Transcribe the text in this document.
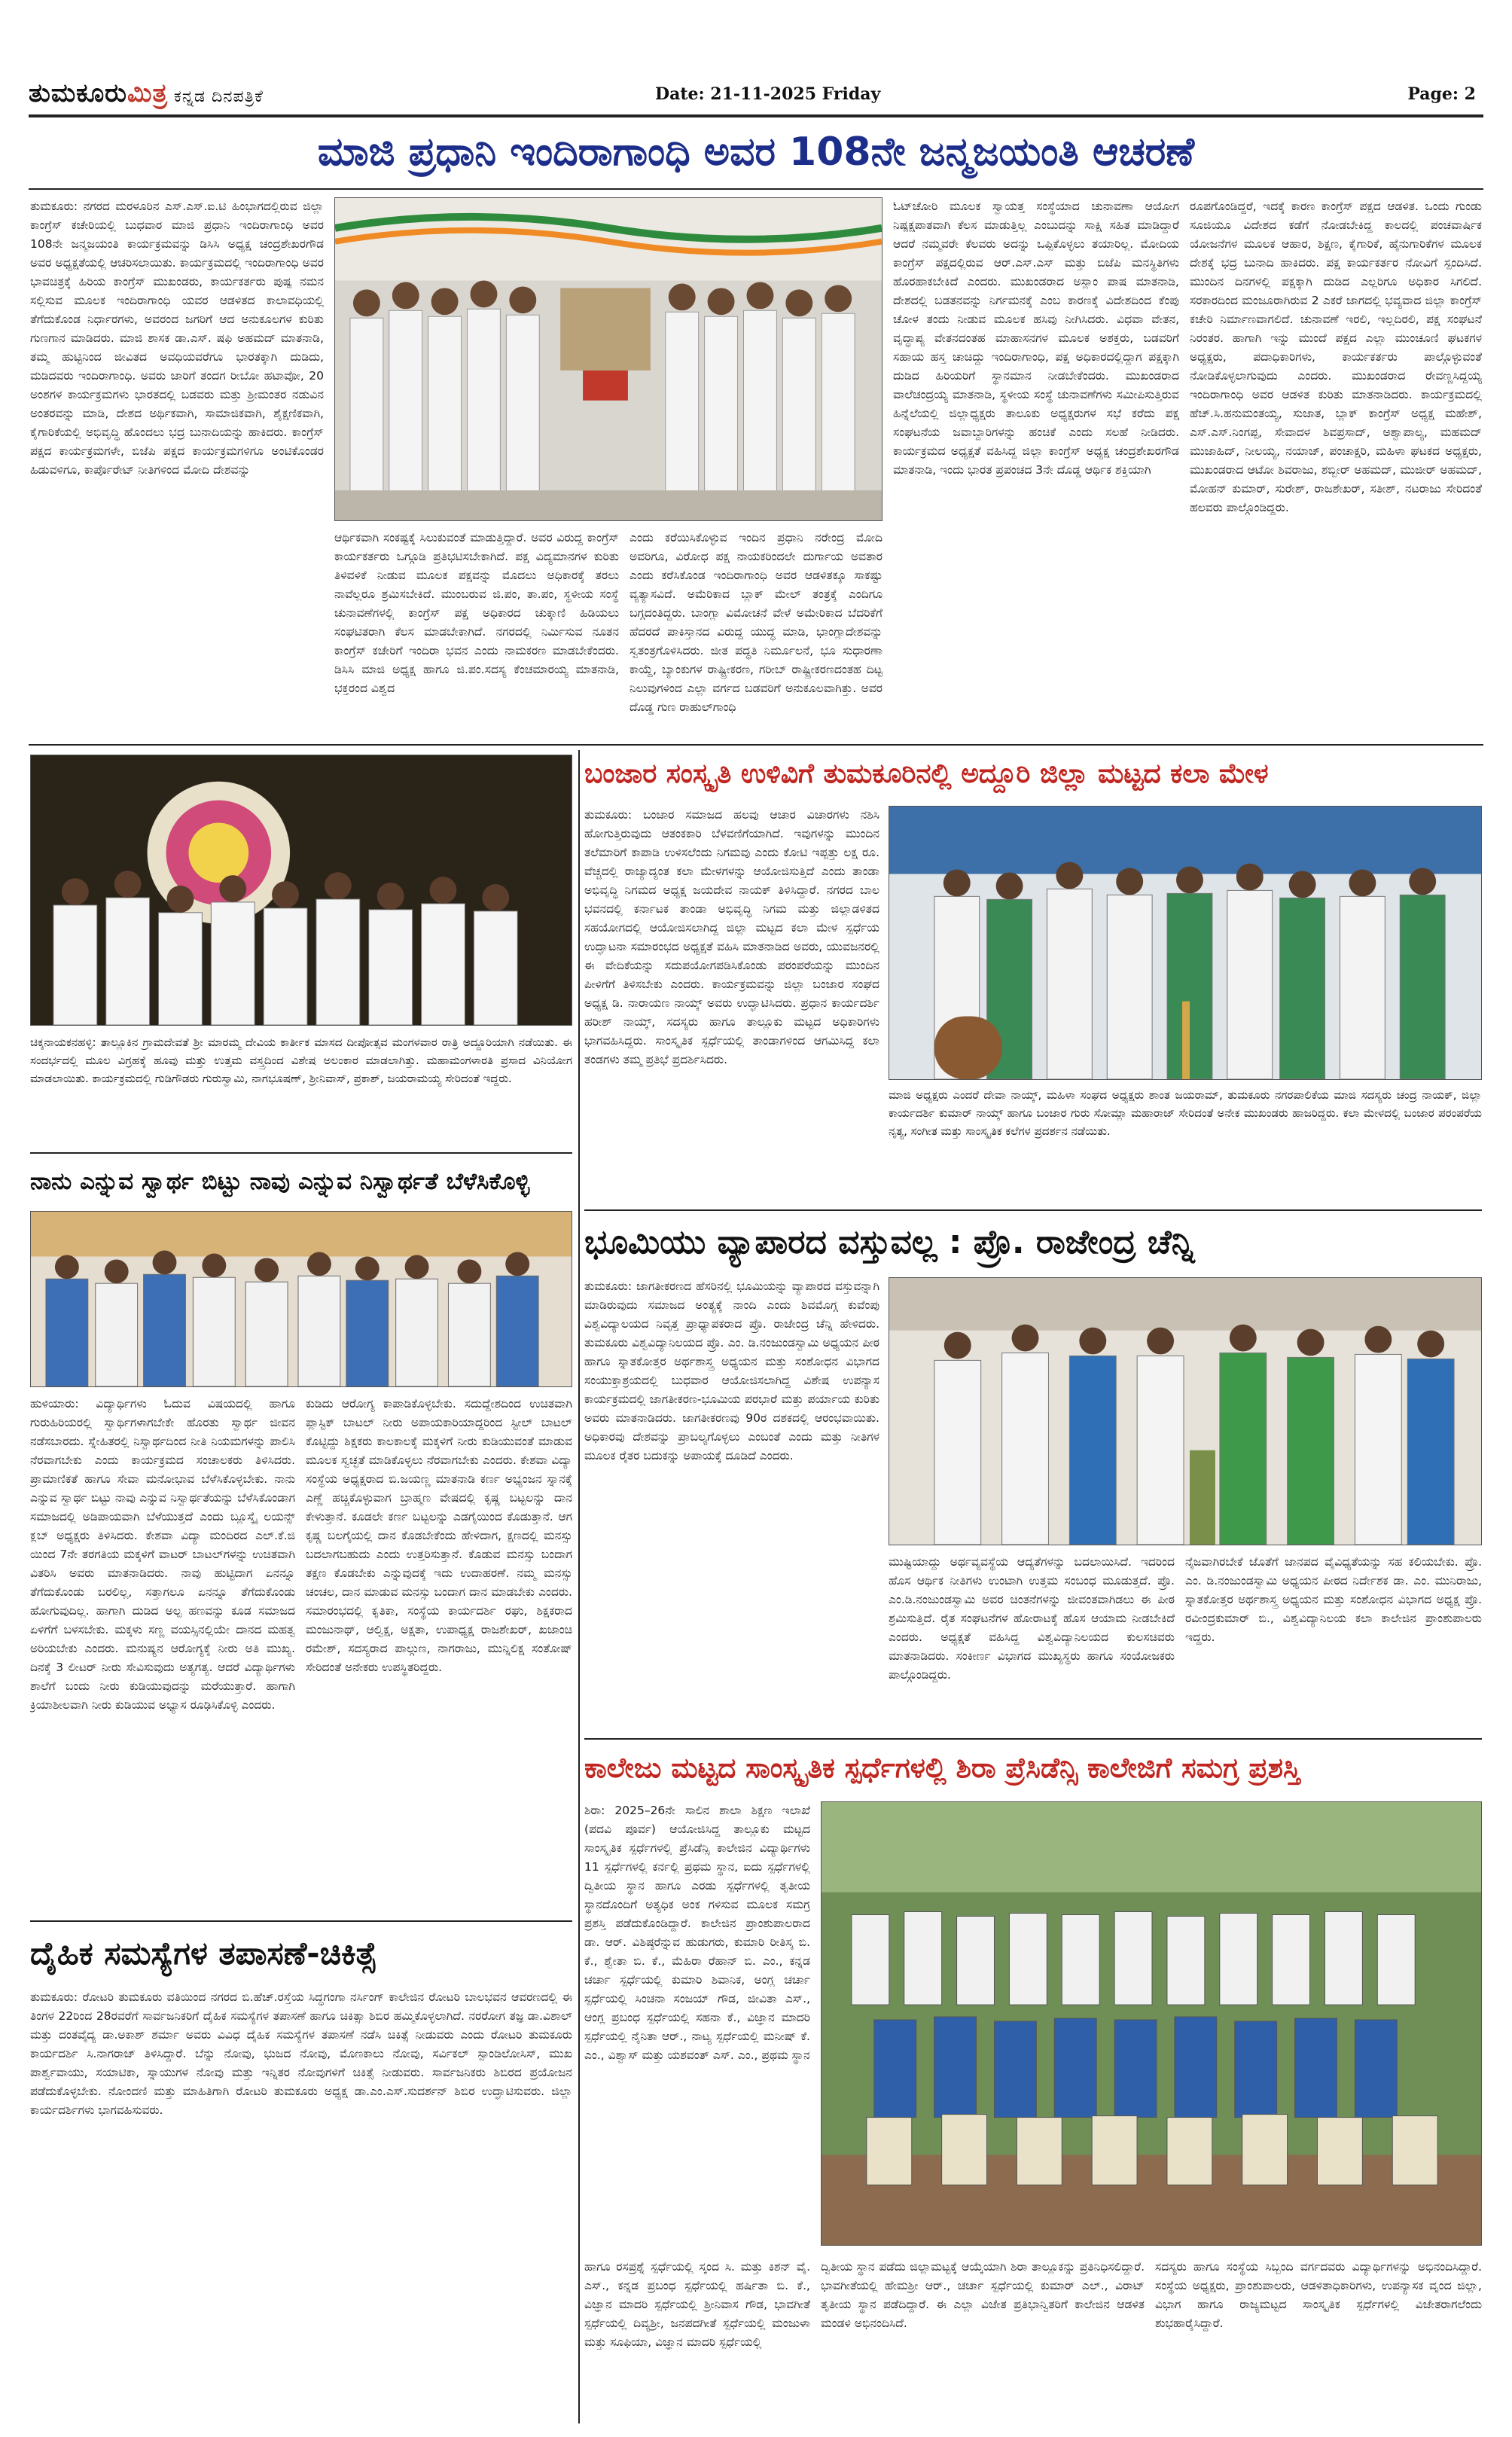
ತುಮಕೂರುಮಿತ್ರ ಕನ್ನಡ ದಿನಪತ್ರಿಕೆ	Date: 21-11-2025 Friday	Page: 2
ಮಾಜಿ ಪ್ರಧಾನಿ ಇಂದಿರಾಗಾಂಧಿ ಅವರ 108ನೇ ಜನ್ಮಜಯಂತಿ ಆಚರಣೆ
ತುಮಕೂರು: ನಗರದ ಮರಳೂರಿನ ಎಸ್.ಎಸ್.ಐ.ಟಿ ಹಿಂಭಾಗದಲ್ಲಿರುವ ಜಿಲ್ಲಾ ಕಾಂಗ್ರೆಸ್ ಕಚೇರಿಯಲ್ಲಿ ಬುಧವಾರ ಮಾಜಿ ಪ್ರಧಾನಿ ಇಂದಿರಾಗಾಂಧಿ ಅವರ 108ನೇ ಜನ್ಮಜಯಂತಿ ಕಾರ್ಯಕ್ರಮವನ್ನು ಡಿಸಿಸಿ ಅಧ್ಯಕ್ಷ ಚಂದ್ರಶೇಖರಗೌಡ ಅವರ ಅಧ್ಯಕ್ಷತೆಯಲ್ಲಿ ಆಚರಿಸಲಾಯಿತು. ಕಾರ್ಯಕ್ರಮದಲ್ಲಿ ಇಂದಿರಾಗಾಂಧಿ ಅವರ ಭಾವಚಿತ್ರಕ್ಕೆ ಹಿರಿಯ ಕಾಂಗ್ರೆಸ್ ಮುಖಂಡರು, ಕಾರ್ಯಕರ್ತರು ಪುಷ್ಪ ನಮನ ಸಲ್ಲಿಸುವ ಮೂಲಕ ಇಂದಿರಾಗಾಂಧಿ ಯವರ ಆಡಳಿತದ ಕಾಲಾವಧಿಯಲ್ಲಿ ತೆಗೆದುಕೊಂಡ ನಿರ್ಧಾರಗಳು, ಅವರಂದ ಜಗರಿಗೆ ಆದ ಅನುಕೂಲಗಳ ಕುರಿತು ಗುಣಗಾನ ಮಾಡಿದರು. ಮಾಜಿ ಶಾಸಕ ಡಾ.ಎಸ್. ಷಫಿ ಅಹಮದ್ ಮಾತನಾಡಿ, ತಮ್ಮ ಹುಟ್ಟಿನಿಂದ ಜೀವಿತದ ಅವಧಿಯವರೆಗೂ ಭಾರತಕ್ಕಾಗಿ ದುಡಿದು, ಮಡಿದವರು ಇಂದಿರಾಗಾಂಧಿ. ಅವರು ಜಾರಿಗೆ ತಂದಗ ರೀಬೋ ಹಟಾವೋ, 20 ಅಂಶಗಳ ಕಾರ್ಯಕ್ರಮಗಳು ಭಾರತದಲ್ಲಿ ಬಡವರು ಮತ್ತು ಶ್ರೀಮಂತರ ನಡುವಿನ ಅಂತರವನ್ನು ಮಾಡಿ, ದೇಶದ ಅರ್ಥಿಕವಾಗಿ, ಸಾಮಾಜಿಕವಾಗಿ, ಶೈಕ್ಷಣಿಕವಾಗಿ, ಕೈಗಾರಿಕೆಯಲ್ಲಿ ಅಭಿವೃದ್ಧಿ ಹೊಂದಲು ಭದ್ರ ಬುನಾದಿಯನ್ನು ಹಾಕಿದರು. ಕಾಂಗ್ರೆಸ್ ಪಕ್ಷದ ಕಾರ್ಯಕ್ರಮಗಳೇ, ಬಿಜೆಪಿ ಪಕ್ಷದ ಕಾರ್ಯಕ್ರಮಗಳಿಗೂ ಅಂಟಿಕೊಂಡರ ಹಿಡುವಳಿಗೂ, ಕಾರ್ಪೊರೇಟ್ ನೀತಿಗಳಿಂದ ಮೋದಿ ದೇಶವನ್ನು
ಆರ್ಥಿಕವಾಗಿ ಸಂಕಷ್ಟಕ್ಕೆ ಸಿಲುಕುವಂತೆ ಮಾಡುತ್ತಿದ್ದಾರೆ. ಅವರ ವಿರುದ್ದ ಕಾಂಗ್ರೆಸ್ ಕಾರ್ಯಕರ್ತರು ಒಗ್ಗೂಡಿ ಪ್ರತಿಭಟಿಸಬೇಕಾಗಿದೆ. ಪಕ್ಷ ವಿದ್ಯಮಾನಗಳ ಕುರಿತು ತಿಳಿವಳಿಕೆ ನೀಡುವ ಮೂಲಕ ಪಕ್ಷವನ್ನು ಮೊದಲು ಅಧಿಕಾರಕ್ಕೆ ತರಲು ನಾವೆಲ್ಲರೂ ಶ್ರಮಿಸಬೇಕಿದೆ. ಮುಂಬರುವ ಜಿ.ಪಂ, ತಾ.ಪಂ, ಸ್ಥಳೀಯ ಸಂಸ್ಥೆ ಚುನಾವಣೆಗಳಲ್ಲಿ ಕಾಂಗ್ರೆಸ್ ಪಕ್ಷ ಅಧಿಕಾರದ ಚುಕ್ಕಾಣಿ ಹಿಡಿಯಲು ಸಂಘಟಿತರಾಗಿ ಕೆಲಸ ಮಾಡಬೇಕಾಗಿದೆ. ನಗರದಲ್ಲಿ ನಿರ್ಮಿಸುವ ನೂತನ ಕಾಂಗ್ರೆಸ್ ಕಚೇರಿಗೆ ಇಂದಿರಾ ಭವನ ಎಂದು ನಾಮಕರಣ ಮಾಡಬೇಕೆಂದರು. ಡಿಸಿಸಿ ಮಾಜಿ ಅಧ್ಯಕ್ಷ ಹಾಗೂ ಜಿ.ಪಂ.ಸದಸ್ಯ ಕೆಂಚಮಾರಯ್ಯ ಮಾತನಾಡಿ, ಭಕ್ತರಂದ ವಿಶ್ವದ
ಎಂದು ಕರೆಯಿಸಿಕೊಳ್ಳುವ ಇಂದಿನ ಪ್ರಧಾನಿ ನರೇಂದ್ರ ಮೋದಿ ಅವರಿಗೂ, ವಿರೋಧ ಪಕ್ಷ ನಾಯಕರಿಂದಲೇ ದುರ್ಗಾಯ ಅವತಾರ ಎಂದು ಕರೆಸಿಕೊಂಡ ಇಂದಿರಾಗಾಂಧಿ ಅವರ ಆಡಳಿತಕ್ಕೂ ಸಾಕಷ್ಟು ವ್ಯತ್ಯಾಸವಿದೆ. ಅಮೆರಿಕಾದ ಬ್ಲಾಕ್ ಮೇಲ್ ತಂತ್ರಕ್ಕೆ ಎಂದಿಗೂ ಬಗ್ಗದಂತಿದ್ದರು. ಬಾಂಗ್ಲಾ ವಿಮೋಚನೆ ವೇಳೆ ಅಮೇರಿಕಾದ ಬೆದರಿಕೆಗೆ ಹೆದರದೆ ಪಾಕಿಸ್ತಾನದ ವಿರುದ್ದ ಯುದ್ಧ ಮಾಡಿ, ಭಾಂಗ್ಲಾದೇಶವನ್ನು ಸ್ವತಂತ್ರಗೊಳಿಸಿದರು. ಜೀತ ಪದ್ಧತಿ ನಿರ್ಮೂಲನೆ, ಭೂ ಸುಧಾರಣಾ ಕಾಯ್ದೆ, ಬ್ಯಾಂಕುಗಳ ರಾಷ್ಟ್ರೀಕರಣ, ಗರೀಬ್ ರಾಷ್ಟ್ರೀಕರಣದಂತಹ ದಿಟ್ಟ ನಿಲುವುಗಳಿಂದ ಎಲ್ಲಾ ವರ್ಗದ ಬಡವರಿಗೆ ಅನುಕೂಲವಾಗಿತ್ತು. ಅವರ ದೊಡ್ಡ ಗುಣ ರಾಹುಲ್‌ಗಾಂಧಿ
ಓಟ್‌ಚೋರಿ ಮೂಲಕ ಸ್ವಾಯತ್ತ ಸಂಸ್ಥೆಯಾದ ಚುನಾವಣಾ ಆಯೋಗ ನಿಷ್ಪಕ್ಷಪಾತವಾಗಿ ಕೆಲಸ ಮಾಡುತ್ತಿಲ್ಲ ಎಂಬುದನ್ನು ಸಾಕ್ಷಿ ಸಹಿತ ಮಾಡಿದ್ದಾರೆ ಆದರೆ ನಮ್ಮವರೇ ಕೆಲವರು ಅದನ್ನು ಒಪ್ಪಿಕೊಳ್ಳಲು ತಯಾರಿಲ್ಲ. ಮೋದಿಯ ಕಾಂಗ್ರೆಸ್ ಪಕ್ಷದಲ್ಲಿರುವ ಆರ್.ಎಸ್.ಎಸ್ ಮತ್ತು ಬಿಜೆಪಿ ಮನಸ್ಥಿತಿಗಳು ಹೊರಹಾಕಬೇಕಿದೆ ಎಂದರು. ಮುಖಂಡರಾದ ಅಸ್ಲಾಂ ಪಾಷ ಮಾತನಾಡಿ, ದೇಶದಲ್ಲಿ ಬಡತನವನ್ನು ನಿರ್ಗಮನಕ್ಕೆ ಎಂಬ ಕಾರಣಕ್ಕೆ ವಿದೇಶದಿಂದ ಕೆಂಪು ಚೋಳ ತಂದು ನೀಡುವ ಮೂಲಕ ಹಸಿವು ನೀಗಿಸಿದರು. ವಿಧವಾ ವೇತನ, ವೃದ್ಧಾಪ್ಯ ವೇತನದಂತಹ ಮಾಹಾಸನಗಳ ಮೂಲಕ ಅಶಕ್ತರು, ಬಡವರಿಗೆ ಸಹಾಯ ಹಸ್ತ ಚಾಚಿದ್ದು ಇಂದಿರಾಗಾಂಧಿ, ಪಕ್ಷ ಅಧಿಕಾರದಲ್ಲಿದ್ದಾಗ ಪಕ್ಷಕ್ಕಾಗಿ ದುಡಿದ ಹಿರಿಯರಿಗೆ ಸ್ಥಾನಮಾನ ನೀಡಬೇಕೆಂದರು. ಮುಖಂಡರಾದ ವಾಲೆಚಂದ್ರಯ್ಯ ಮಾತನಾಡಿ, ಸ್ಥಳೀಯ ಸಂಸ್ಥೆ ಚುನಾವಣೆಗಳು ಸಮೀಪಿಸುತ್ತಿರುವ ಹಿನ್ನೆಲೆಯಲ್ಲಿ ಜಿಲ್ಲಾಧ್ಯಕ್ಷರು ತಾಲೂಕು ಅಧ್ಯಕ್ಷರುಗಳ ಸಭೆ ಕರೆದು ಪಕ್ಷ ಸಂಘಟನೆಯ ಜವಾಬ್ದಾರಿಗಳನ್ನು ಹಂಚಿಕೆ ಎಂದು ಸಲಹೆ ನೀಡಿದರು. ಕಾರ್ಯಕ್ರಮದ ಅಧ್ಯಕ್ಷತೆ ವಹಿಸಿದ್ದ ಜಿಲ್ಲಾ ಕಾಂಗ್ರೆಸ್ ಅಧ್ಯಕ್ಷ ಚಂದ್ರಶೇಖರಗೌಡ ಮಾತನಾಡಿ, ಇಂದು ಭಾರತ ಪ್ರಪಂಚದ 3ನೇ ದೊಡ್ಡ ಆರ್ಥಿಕ ಶಕ್ತಿಯಾಗಿ
ರೂಪಗೊಂಡಿದ್ದರೆ, ಇದಕ್ಕೆ ಕಾರಣ ಕಾಂಗ್ರೆಸ್ ಪಕ್ಷದ ಆಡಳಿತ. ಒಂದು ಗುಂಡು ಸೂಜಿಯೂ ವಿದೇಶದ ಕಡೆಗೆ ನೋಡಬೇಕಿದ್ದ ಕಾಲದಲ್ಲಿ ಪಂಚವಾರ್ಷಿಕ ಯೋಜನೆಗಳ ಮೂಲಕ ಆಹಾರ, ಶಿಕ್ಷಣ, ಕೈಗಾರಿಕೆ, ಹೈನುಗಾರಿಕೆಗಳ ಮೂಲಕ ದೇಶಕ್ಕೆ ಭದ್ರ ಬುನಾದಿ ಹಾಕಿದರು. ಪಕ್ಷ ಕಾರ್ಯಕರ್ತರ ನೋವಿಗೆ ಸ್ಪಂದಿಸಿದೆ. ಮುಂದಿನ ದಿನಗಳಲ್ಲಿ ಪಕ್ಷಕ್ಕಾಗಿ ದುಡಿದ ಎಲ್ಲರಿಗೂ ಅಧಿಕಾರ ಸಿಗಲಿದೆ. ಸರಕಾರದಿಂದ ಮಂಜೂರಾಗಿರುವ 2 ಎಕರೆ ಜಾಗದಲ್ಲಿ ಭವ್ಯವಾದ ಜಿಲ್ಲಾ ಕಾಂಗ್ರೆಸ್ ಕಚೇರಿ ನಿರ್ಮಾಣವಾಗಲಿದೆ. ಚುನಾವಣೆ ಇರಲಿ, ಇಲ್ಲದಿರಲಿ, ಪಕ್ಷ ಸಂಘಟನೆ ನಿರಂತರ. ಹಾಗಾಗಿ ಇನ್ನು ಮುಂದೆ ಪಕ್ಷದ ಎಲ್ಲಾ ಮುಂಚೂಣಿ ಘಟಕಗಳ ಅಧ್ಯಕ್ಷರು, ಪದಾಧಿಕಾರಿಗಳು, ಕಾರ್ಯಕರ್ತರು ಪಾಲ್ಗೊಳ್ಳುವಂತೆ ನೋಡಿಕೊಳ್ಳಲಾಗುವುದು ಎಂದರು. ಮುಖಂಡರಾದ ರೇವಣ್ಣಸಿದ್ದಯ್ಯ ಇಂದಿರಾಗಾಂಧಿ ಅವರ ಆಡಳಿತ ಕುರಿತು ಮಾತನಾಡಿದರು. ಕಾರ್ಯಕ್ರಮದಲ್ಲಿ ಹೆಚ್.ಸಿ.ಹನುಮಂತಯ್ಯ, ಸುಜಾತ, ಬ್ಲಾಕ್ ಕಾಂಗ್ರೆಸ್ ಅಧ್ಯಕ್ಷ ಮಹೇಶ್, ಎಸ್.ಎಸ್.ನಿಂಗಪ್ಪ, ಸೇವಾದಳ ಶಿವಪ್ರಸಾದ್, ಅಶ್ವಾಪಾಲ್ಯ, ಮಹಮದ್ ಮುಜಾಹಿದ್, ನೀಲಯ್ಯ, ನಯಾಜ್, ಪಂಚಾಕ್ಷರಿ, ಮಹಿಳಾ ಘಟಕದ ಅಧ್ಯಕ್ಷರು, ಮುಖಂಡರಾದ ಆಟೋ ಶಿವರಾಜು, ಶಬ್ಬೀರ್ ಅಹಮದ್, ಮುಜೀರ್ ಅಹಮದ್, ಮೋಹನ್ ಕುಮಾರ್, ಸುರೇಶ್, ರಾಜಶೇಖರ್, ಸತೀಶ್, ನಟರಾಜು ಸೇರಿದಂತೆ ಹಲವರು ಪಾಲ್ಗೊಂಡಿದ್ದರು.
ಚಿಕ್ಕನಾಯಕನಹಳ್ಳಿ: ತಾಲ್ಲೂಕಿನ ಗ್ರಾಮದೇವತೆ ಶ್ರೀ ಮಾರಮ್ಮ ದೇವಿಯ ಕಾರ್ತೀಕ ಮಾಸದ ದೀಪೋತ್ಸವ ಮಂಗಳವಾರ ರಾತ್ರಿ ಅದ್ದೂರಿಯಾಗಿ ನಡೆಯಿತು. ಈ ಸಂದರ್ಭದಲ್ಲಿ ಮೂಲ ವಿಗ್ರಹಕ್ಕೆ ಹೂವು ಮತ್ತು ಉತ್ತಮ ವಸ್ತ್ರದಿಂದ ವಿಶೇಷ ಅಲಂಕಾರ ಮಾಡಲಾಗಿತ್ತು. ಮಹಾಮಂಗಳಾರತಿ ಪ್ರಸಾದ ವಿನಿಯೋಗ ಮಾಡಲಾಯಿತು. ಕಾರ್ಯಕ್ರಮದಲ್ಲಿ ಗುಡಿಗೌಡರು ಗುರುಸ್ವಾಮಿ, ನಾಗಭೂಷಣ್, ಶ್ರೀನಿವಾಸ್, ಪ್ರಕಾಶ್, ಜಯರಾಮಯ್ಯ ಸೇರಿದಂತೆ ಇದ್ದರು.
ನಾನು ಎನ್ನುವ ಸ್ವಾರ್ಥ ಬಿಟ್ಟು ನಾವು ಎನ್ನುವ ನಿಸ್ವಾರ್ಥತೆ ಬೆಳೆಸಿಕೊಳ್ಳಿ
ಹುಳಿಯಾರು: ವಿದ್ಯಾರ್ಥಿಗಳು ಓದುವ ವಿಷಯದಲ್ಲಿ ಹಾಗೂ ಗುರುಹಿರಿಯರಲ್ಲಿ ಸ್ವಾರ್ಥಿಗಳಾಗಬೇಕೇ ಹೊರತು ಸ್ವಾರ್ಥ ಜೀವನ ನಡೆಸಬಾರದು. ಸ್ನೇಹಿತರಲ್ಲಿ ನಿಸ್ವಾರ್ಥದಿಂದ ನೀತಿ ನಿಯಮಗಳನ್ನು ಪಾಲಿಸಿ ನೆರವಾಗಬೇಕು ಎಂದು ಕಾರ್ಯಕ್ರಮದ ಸಂಚಾಲಕರು ತಿಳಿಸಿದರು. ಪ್ರಾಮಾಣಿಕತೆ ಹಾಗೂ ಸೇವಾ ಮನೋಭಾವ ಬೆಳೆಸಿಕೊಳ್ಳಬೇಕು. ನಾನು ಎನ್ನುವ ಸ್ವಾರ್ಥ ಬಿಟ್ಟು ನಾವು ಎನ್ನುವ ನಿಸ್ವಾರ್ಥತೆಯನ್ನು ಬೆಳೆಸಿಕೊಂಡಾಗ ಸಮಾಜದಲ್ಲಿ ಅಡಿಪಾಯವಾಗಿ ಬೆಳೆಯುತ್ತದೆ ಎಂದು ಬ್ಲೂಸ್ಕೈ ಲಯನ್ಸ್ ಕ್ಲಬ್ ಅಧ್ಯಕ್ಷರು ತಿಳಿಸಿದರು. ಕೇಶವಾ ವಿದ್ಯಾ ಮಂದಿರದ ಎಲ್.ಕೆ.ಜಿ ಯಿಂದ 7ನೇ ತರಗತಿಯ ಮಕ್ಕಳಿಗೆ ವಾಟರ್ ಬಾಟಲ್‌ಗಳನ್ನು ಉಚಿತವಾಗಿ ವಿತರಿಸಿ ಅವರು ಮಾತನಾಡಿದರು. ನಾವು ಹುಟ್ಟಿದಾಗ ಏನನ್ನೂ ತೆಗೆದುಕೊಂಡು ಬರಲಿಲ್ಲ, ಸತ್ತಾಗಲೂ ಏನನ್ನೂ ತೆಗೆದುಕೊಂಡು ಹೋಗುವುದಿಲ್ಲ. ಹಾಗಾಗಿ ದುಡಿದ ಅಲ್ಪ ಹಣವನ್ನು ಕೂಡ ಸಮಾಜದ ಏಳಿಗೆಗೆ ಬಳಸಬೇಕು. ಮಕ್ಕಳು ಸಣ್ಣ ವಯಸ್ಸಿನಲ್ಲಿಯೇ ದಾನದ ಮಹತ್ವ ಅರಿಯಬೇಕು ಎಂದರು. ಮನುಷ್ಯನ ಆರೋಗ್ಯಕ್ಕೆ ನೀರು ಅತಿ ಮುಖ್ಯ. ದಿನಕ್ಕೆ 3 ಲೀಟರ್ ನೀರು ಸೇವಿಸುವುದು ಅತ್ಯಗತ್ಯ. ಆದರೆ ವಿದ್ಯಾರ್ಥಿಗಳು ಶಾಲೆಗೆ ಬಂದು ನೀರು ಕುಡಿಯುವುದನ್ನು ಮರೆಯುತ್ತಾರೆ. ಹಾಗಾಗಿ ಕ್ರಿಯಾಶೀಲವಾಗಿ ನೀರು ಕುಡಿಯುವ ಅಭ್ಯಾಸ ರೂಢಿಸಿಕೊಳ್ಳಿ ಎಂದರು.
ಕುಡಿದು ಆರೋಗ್ಯ ಕಾಪಾಡಿಕೊಳ್ಳಬೇಕು. ಸದುದ್ದೇಶದಿಂದ ಉಚಿತವಾಗಿ ಪ್ಲಾಸ್ಟಿಕ್ ಬಾಟಲ್ ನೀರು ಅಪಾಯಕಾರಿಯಾದ್ದರಿಂದ ಸ್ಟೀಲ್ ಬಾಟಲ್ ಕೊಟ್ಟಿದ್ದು ಶಿಕ್ಷಕರು ಕಾಲಕಾಲಕ್ಕೆ ಮಕ್ಕಳಿಗೆ ನೀರು ಕುಡಿಯುವಂತೆ ಮಾಡುವ ಮೂಲಕ ಸ್ವಚ್ಛತೆ ಮಾಡಿಕೊಳ್ಳಲು ನೆರವಾಗಬೇಕು ಎಂದರು. ಕೇಶವಾ ವಿದ್ಯಾ ಸಂಸ್ಥೆಯ ಅಧ್ಯಕ್ಷರಾದ ಬಿ.ಜಯಣ್ಣ ಮಾತನಾಡಿ ಕರ್ಣ ಅಭ್ಯಂಜನ ಸ್ನಾನಕ್ಕೆ ಎಣ್ಣೆ ಹಚ್ಚಿಕೊಳ್ಳುವಾಗ ಬ್ರಾಹ್ಮಣ ವೇಷದಲ್ಲಿ ಕೃಷ್ಣ ಬಟ್ಟಲನ್ನು ದಾನ ಕೇಳುತ್ತಾನೆ. ಕೂಡಲೇ ಕರ್ಣ ಬಟ್ಟಲನ್ನು ಎಡಗೈಯಿಂದ ಕೊಡುತ್ತಾನೆ. ಆಗ ಕೃಷ್ಣ ಬಲಗೈಯಲ್ಲಿ ದಾನ ಕೊಡಬೇಕೆಂದು ಹೇಳಿದಾಗ, ಕ್ಷಣದಲ್ಲಿ ಮನಸ್ಸು ಬದಲಾಗಬಹುದು ಎಂದು ಉತ್ತರಿಸುತ್ತಾನೆ. ಕೊಡುವ ಮನಸ್ಸು ಬಂದಾಗ ತಕ್ಷಣ ಕೊಡಬೇಕು ಎನ್ನುವುದಕ್ಕೆ ಇದು ಉದಾಹರಣೆ. ನಮ್ಮ ಮನಸ್ಸು ಚಂಚಲ, ದಾನ ಮಾಡುವ ಮನಸ್ಸು ಬಂದಾಗ ದಾನ ಮಾಡಬೇಕು ಎಂದರು. ಸಮಾರಂಭದಲ್ಲಿ ಕೃತಿಕಾ, ಸಂಸ್ಥೆಯ ಕಾರ್ಯದರ್ಶಿ ರಘು, ಶಿಕ್ಷಕರಾದ ಮಂಜುನಾಥ್, ಆಲ್ವಿಕ್ಷ, ಅಕ್ಷತಾ, ಉಪಾಧ್ಯಕ್ಷ ರಾಜಶೇಖರ್, ಖಜಾಂಚಿ ರಮೇಶ್, ಸದಸ್ಯರಾದ ಪಾಲ್ಗುಣ, ನಾಗರಾಜು, ಮುನ್ನಿಲಿಕ್ಷ ಸಂತೋಷ್ ಸೇರಿದಂತೆ ಅನೇಕರು ಉಪಸ್ಥಿತರಿದ್ದರು.
ದೈಹಿಕ ಸಮಸ್ಯೆಗಳ ತಪಾಸಣೆ-ಚಿಕಿತ್ಸೆ
ತುಮಕೂರು: ರೋಟರಿ ತುಮಕೂರು ವತಿಯಿಂದ ನಗರದ ಬಿ.ಹೆಚ್.ರಸ್ತೆಯ ಸಿದ್ಧಗಂಗಾ ನರ್ಸಿಂಗ್ ಕಾಲೇಜಿನ ರೋಟರಿ ಬಾಲಭವನ ಆವರಣದಲ್ಲಿ ಈ ತಿಂಗಳ 22ರಿಂದ 28ರವರೆಗೆ ಸಾರ್ವಜನಿಕರಿಗೆ ದೈಹಿಕ ಸಮಸ್ಯೆಗಳ ತಪಾಸಣೆ ಹಾಗೂ ಚಿಕಿತ್ಸಾ ಶಿಬಿರ ಹಮ್ಮಿಕೊಳ್ಳಲಾಗಿದೆ. ನರರೋಗ ತಜ್ಞ ಡಾ.ವಿಶಾಲ್ ಮತ್ತು ದಂತವೈದ್ಯ ಡಾ.ಅಕಾಶ್ ಶರ್ಮಾ ಅವರು ವಿವಿಧ ದೈಹಿಕ ಸಮಸ್ಯೆಗಳ ತಪಾಸಣೆ ನಡೆಸಿ ಚಿಕಿತ್ಸೆ ನೀಡುವರು ಎಂದು ರೋಟರಿ ತುಮಕೂರು ಕಾರ್ಯದರ್ಶಿ ಸಿ.ನಾಗರಾಜ್ ತಿಳಿಸಿದ್ದಾರೆ. ಬೆನ್ನು ನೋವು, ಭುಜದ ನೋವು, ಮೊಣಕಾಲು ನೋವು, ಸರ್ವಿಕಲ್ ಸ್ಪಾಂಡಿಲೋಸಿಸ್, ಮುಖ ಪಾರ್ಶ್ವವಾಯು, ಸಯಾಟಿಕಾ, ಸ್ನಾಯುಗಳ ನೋವು ಮತ್ತು ಇನ್ನಿತರ ನೋವುಗಳಿಗೆ ಚಿಕಿತ್ಸೆ ನೀಡುವರು. ಸಾರ್ವಜನಿಕರು ಶಿಬಿರದ ಪ್ರಯೋಜನ ಪಡೆದುಕೊಳ್ಳಬೇಕು. ನೋಂದಣಿ ಮತ್ತು ಮಾಹಿತಿಗಾಗಿ ರೋಟರಿ ತುಮಕೂರು ಅಧ್ಯಕ್ಷ ಡಾ.ಎಂ.ಎಸ್.ಸುದರ್ಶನ್ ಶಿಬಿರ ಉದ್ಘಾಟಿಸುವರು. ಜಿಲ್ಲಾ ಕಾರ್ಯದರ್ಶಿಗಳು ಭಾಗವಹಿಸುವರು.
ಬಂಜಾರ ಸಂಸ್ಕೃತಿ ಉಳಿವಿಗೆ ತುಮಕೂರಿನಲ್ಲಿ ಅದ್ದೂರಿ ಜಿಲ್ಲಾ ಮಟ್ಟದ ಕಲಾ ಮೇಳ
ತುಮಕೂರು: ಬಂಜಾರ ಸಮಾಜದ ಹಲವು ಆಚಾರ ವಿಚಾರಗಳು ನಶಿಸಿ ಹೋಗುತ್ತಿರುವುದು ಆತಂಕಕಾರಿ ಬೆಳವಣಿಗೆಯಾಗಿದೆ. ಇವುಗಳನ್ನು ಮುಂದಿನ ತಲೆಮಾರಿಗೆ ಕಾಪಾಡಿ ಉಳಿಸಲೆಂದು ನಿಗಮವು ಎಂದು ಕೋಟಿ ಇಪ್ಪತ್ತು ಲಕ್ಷ ರೂ. ವೆಚ್ಚದಲ್ಲಿ ರಾಜ್ಯಾದ್ಯಂತ ಕಲಾ ಮೇಳಗಳನ್ನು ಆಯೋಜಿಸುತ್ತಿದೆ ಎಂದು ತಾಂಡಾ ಅಭಿವೃದ್ಧಿ ನಿಗಮದ ಅಧ್ಯಕ್ಷ ಜಯದೇವ ನಾಯಕ್ ತಿಳಿಸಿದ್ದಾರೆ. ನಗರದ ಬಾಲ ಭವನದಲ್ಲಿ ಕರ್ನಾಟಕ ತಾಂಡಾ ಅಭಿವೃದ್ಧಿ ನಿಗಮ ಮತ್ತು ಜಿಲ್ಲಾಡಳಿತದ ಸಹಯೋಗದಲ್ಲಿ ಆಯೋಜಿಸಲಾಗಿದ್ದ ಜಿಲ್ಲಾ ಮಟ್ಟದ ಕಲಾ ಮೇಳ ಸ್ಪರ್ಧೆಯ ಉದ್ಘಾಟನಾ ಸಮಾರಂಭದ ಅಧ್ಯಕ್ಷತೆ ವಹಿಸಿ ಮಾತನಾಡಿದ ಅವರು, ಯುವಜನರಲ್ಲಿ ಈ ವೇದಿಕೆಯನ್ನು ಸದುಪಯೋಗಪಡಿಸಿಕೊಂಡು ಪರಂಪರೆಯನ್ನು ಮುಂದಿನ ಪೀಳಿಗೆಗೆ ತಿಳಿಸಬೇಕು ಎಂದರು. ಕಾರ್ಯಕ್ರಮವನ್ನು ಜಿಲ್ಲಾ ಬಂಜಾರ ಸಂಘದ ಅಧ್ಯಕ್ಷ ಡಿ. ನಾರಾಯಣ ನಾಯ್ಕ್ ಅವರು ಉದ್ಘಾಟಿಸಿದರು. ಪ್ರಧಾನ ಕಾರ್ಯದರ್ಶಿ ಹರೀಶ್ ನಾಯ್ಕ್, ಸದಸ್ಯರು ಹಾಗೂ ತಾಲ್ಲೂಕು ಮಟ್ಟದ ಅಧಿಕಾರಿಗಳು ಭಾಗವಹಿಸಿದ್ದರು. ಸಾಂಸ್ಕೃತಿಕ ಸ್ಪರ್ಧೆಯಲ್ಲಿ ತಾಂಡಾಗಳಿಂದ ಆಗಮಿಸಿದ್ದ ಕಲಾ ತಂಡಗಳು ತಮ್ಮ ಪ್ರತಿಭೆ ಪ್ರದರ್ಶಿಸಿದರು.
ಮಾಜಿ ಅಧ್ಯಕ್ಷರು ಎಂದರೆ ದೇವಾ ನಾಯ್ಕ್, ಮಹಿಳಾ ಸಂಘದ ಅಧ್ಯಕ್ಷರು ಶಾಂತ ಜಯರಾಮ್, ತುಮಕೂರು ನಗರಪಾಲಿಕೆಯ ಮಾಜಿ ಸದಸ್ಯರು ಚಂದ್ರ ನಾಯಕ್, ಜಿಲ್ಲಾ ಕಾರ್ಯದರ್ಶಿ ಕುಮಾರ್ ನಾಯ್ಕ್ ಹಾಗೂ ಬಂಜಾರ ಗುರು ಸೋಮ್ಲಾ ಮಹಾರಾಜ್ ಸೇರಿದಂತೆ ಅನೇಕ ಮುಖಂಡರು ಹಾಜರಿದ್ದರು. ಕಲಾ ಮೇಳದಲ್ಲಿ ಬಂಜಾರ ಪರಂಪರೆಯ ನೃತ್ಯ, ಸಂಗೀತ ಮತ್ತು ಸಾಂಸ್ಕೃತಿಕ ಕಲೆಗಳ ಪ್ರದರ್ಶನ ನಡೆಯಿತು.
ಭೂಮಿಯು ವ್ಯಾಪಾರದ ವಸ್ತುವಲ್ಲ : ಪ್ರೊ. ರಾಜೇಂದ್ರ ಚೆನ್ನಿ
ತುಮಕೂರು: ಜಾಗತೀಕರಣದ ಹೆಸರಿನಲ್ಲಿ ಭೂಮಿಯನ್ನು ವ್ಯಾಪಾರದ ವಸ್ತುವನ್ನಾಗಿ ಮಾಡಿರುವುದು ಸಮಾಜದ ಅಂತ್ಯಕ್ಕೆ ನಾಂದಿ ಎಂದು ಶಿವಮೊಗ್ಗ ಕುವೆಂಪು ವಿಶ್ವವಿದ್ಯಾಲಯದ ನಿವೃತ್ತ ಪ್ರಾಧ್ಯಾಪಕರಾದ ಪ್ರೊ. ರಾಜೇಂದ್ರ ಚೆನ್ನಿ ಹೇಳಿದರು. ತುಮಕೂರು ವಿಶ್ವವಿದ್ಯಾನಿಲಯದ ಪ್ರೊ. ಎಂ. ಡಿ.ನಂಜುಂಡಸ್ವಾಮಿ ಅಧ್ಯಯನ ಪೀಠ ಹಾಗೂ ಸ್ನಾತಕೋತ್ತರ ಅರ್ಥಶಾಸ್ತ್ರ ಅಧ್ಯಯನ ಮತ್ತು ಸಂಶೋಧನ ವಿಭಾಗದ ಸಂಯುಕ್ತಾಶ್ರಯದಲ್ಲಿ ಬುಧವಾರ ಆಯೋಜಿಸಲಾಗಿದ್ದ ವಿಶೇಷ ಉಪನ್ಯಾಸ ಕಾರ್ಯಕ್ರಮದಲ್ಲಿ ಜಾಗತೀಕರಣ-ಭೂಮಿಯ ಪರಭಾರೆ ಮತ್ತು ಪರ್ಯಾಯ ಕುರಿತು ಅವರು ಮಾತನಾಡಿದರು. ಜಾಗತೀಕರಣವು 90ರ ದಶಕದಲ್ಲಿ ಆರಂಭವಾಯಿತು. ಅಧಿಕಾರವು ದೇಶವನ್ನು ಪ್ರಾಬಲ್ಯಗೊಳ್ಳಲು ಎಂಬಂತೆ ಎಂದು ಮತ್ತು ನೀತಿಗಳ ಮೂಲಕ ರೈತರ ಬದುಕನ್ನು ಅಪಾಯಕ್ಕೆ ದೂಡಿದೆ ಎಂದರು.
ಮುಷ್ಟಿಯಾದ್ದು ಅರ್ಥವ್ಯವಸ್ಥೆಯ ಆದ್ಯತೆಗಳನ್ನು ಬದಲಾಯಿಸಿದೆ. ಇದರಿಂದ ಹೊಸ ಆರ್ಥಿಕ ನೀತಿಗಳು ಉಂಟಾಗಿ ಉತ್ತಮ ಸಂಬಂಧ ಮೂಡುತ್ತದೆ. ಪ್ರೊ. ಎಂ.ಡಿ.ನಂಜುಂಡಸ್ವಾಮಿ ಅವರ ಚಿಂತನೆಗಳನ್ನು ಜೀವಂತವಾಗಿಡಲು ಈ ಪೀಠ ಶ್ರಮಿಸುತ್ತಿದೆ. ರೈತ ಸಂಘಟನೆಗಳ ಹೋರಾಟಕ್ಕೆ ಹೊಸ ಆಯಾಮ ನೀಡಬೇಕಿದೆ ಎಂದರು. ಅಧ್ಯಕ್ಷತೆ ವಹಿಸಿದ್ದ ವಿಶ್ವವಿದ್ಯಾನಿಲಯದ ಕುಲಸಚಿವರು ಮಾತನಾಡಿದರು. ಸಂಕೀರ್ಣ ವಿಭಾಗದ ಮುಖ್ಯಸ್ಥರು ಹಾಗೂ ಸಂಯೋಜಕರು ಪಾಲ್ಗೊಂಡಿದ್ದರು.
ನೈಜವಾಗಿರಬೇಕೆ ಜೊತೆಗೆ ಜಾನಪದ ವೈವಿಧ್ಯತೆಯನ್ನು ಸಹ ಕಲಿಯಬೇಕು. ಪ್ರೊ. ಎಂ. ಡಿ.ನಂಜುಂಡಸ್ವಾಮಿ ಅಧ್ಯಯನ ಪೀಠದ ನಿರ್ದೇಶಕ ಡಾ. ಎಂ. ಮುನಿರಾಜು, ಸ್ನಾತಕೋತ್ತರ ಅರ್ಥಶಾಸ್ತ್ರ ಅಧ್ಯಯನ ಮತ್ತು ಸಂಶೋಧನ ವಿಭಾಗದ ಅಧ್ಯಕ್ಷ ಪ್ರೊ. ರವೀಂದ್ರಕುಮಾರ್ ಬಿ., ವಿಶ್ವವಿದ್ಯಾನಿಲಯ ಕಲಾ ಕಾಲೇಜಿನ ಪ್ರಾಂಶುಪಾಲರು ಇದ್ದರು.
ಕಾಲೇಜು ಮಟ್ಟದ ಸಾಂಸ್ಕೃತಿಕ ಸ್ಪರ್ಧೆಗಳಲ್ಲಿ ಶಿರಾ ಪ್ರೆಸಿಡೆನ್ಸಿ ಕಾಲೇಜಿಗೆ ಸಮಗ್ರ ಪ್ರಶಸ್ತಿ
ಶಿರಾ: 2025–26ನೇ ಸಾಲಿನ ಶಾಲಾ ಶಿಕ್ಷಣ ಇಲಾಖೆ (ಪದವಿ ಪೂರ್ವ) ಆಯೋಜಿಸಿದ್ದ ತಾಲ್ಲೂಕು ಮಟ್ಟದ ಸಾಂಸ್ಕೃತಿಕ ಸ್ಪರ್ಧೆಗಳಲ್ಲಿ ಪ್ರೆಸಿಡೆನ್ಸಿ ಕಾಲೇಜಿನ ವಿದ್ಯಾರ್ಥಿಗಳು 11 ಸ್ಪರ್ಧೆಗಳಲ್ಲಿ ಕರ್ನಲ್ಲಿ ಪ್ರಥಮ ಸ್ಥಾನ, ಐದು ಸ್ಪರ್ಧೆಗಳಲ್ಲಿ ದ್ವಿತೀಯ ಸ್ಥಾನ ಹಾಗೂ ಎರಡು ಸ್ಪರ್ಧೆಗಳಲ್ಲಿ ತೃತೀಯ ಸ್ಥಾನದೊಂದಿಗೆ ಅತ್ಯಧಿಕ ಅಂಕ ಗಳಿಸುವ ಮೂಲಕ ಸಮಗ್ರ ಪ್ರಶಸ್ತಿ ಪಡೆದುಕೊಂಡಿದ್ದಾರೆ. ಕಾಲೇಜಿನ ಪ್ರಾಂಶುಪಾಲರಾದ ಡಾ. ಆರ್. ವಿಶಿಷ್ಠರೆನ್ನುವ ಹುಡುಗರು, ಕುಮಾರಿ ರೀತಿಸ್ಕ ಬಿ. ಕೆ., ಶ್ವೇತಾ ಬಿ. ಕೆ., ಮೆಹಿರಾ ರೆಹಾನ್ ಬಿ. ಎಂ., ಕನ್ನಡ ಚರ್ಚಾ ಸ್ಪರ್ಧೆಯಲ್ಲಿ ಕುಮಾರಿ ಶಿವಾನಿಕ, ಅಂಗ್ಲ ಚರ್ಚಾ ಸ್ಪರ್ಧೆಯಲ್ಲಿ ಸಿಂಚನಾ ಸಂಜಯ್ ಗೌಡ, ಜೀವಿತಾ ಎಸ್., ಆಂಗ್ಲ ಪ್ರಬಂಧ ಸ್ಪರ್ಧೆಯಲ್ಲಿ ಸಹನಾ ಕೆ., ವಿಜ್ಞಾನ ಮಾದರಿ ಸ್ಪರ್ಧೆಯಲ್ಲಿ ನೈನಿತಾ ಆರ್., ನಾಟ್ಯ ಸ್ಪರ್ಧೆಯಲ್ಲಿ ಮನೀಷ್ ಕೆ. ಎಂ., ವಿಶ್ವಾಸ್ ಮತ್ತು ಯಶವಂತ್ ಎಸ್. ಎಂ., ಪ್ರಥಮ ಸ್ಥಾನ
ಹಾಗೂ ರಸಪ್ರಶ್ನೆ ಸ್ಪರ್ಧೆಯಲ್ಲಿ ಸ್ಕಂದ ಸಿ. ಮತ್ತು ಕಿಶನ್ ವೈ. ಎಸ್., ಕನ್ನಡ ಪ್ರಬಂಧ ಸ್ಪರ್ಧೆಯಲ್ಲಿ ಹರ್ಷಿತಾ ಬಿ. ಕೆ., ವಿಜ್ಞಾನ ಮಾದರಿ ಸ್ಪರ್ಧೆಯಲ್ಲಿ ಶ್ರೀನಿವಾಸ ಗೌಡ, ಭಾವಗೀತೆ ಸ್ಪರ್ಧೆಯಲ್ಲಿ ದಿವ್ಯಶ್ರೀ, ಜನಪದಗೀತೆ ಸ್ಪರ್ಧೆಯಲ್ಲಿ ಮಂಜುಳಾ ಮತ್ತು ಸೂಫಿಯಾ, ವಿಜ್ಞಾನ ಮಾದರಿ ಸ್ಪರ್ಧೆಯಲ್ಲಿ
ದ್ವಿತೀಯ ಸ್ಥಾನ ಪಡೆದು ಜಿಲ್ಲಾಮಟ್ಟಕ್ಕೆ ಆಯ್ಕೆಯಾಗಿ ಶಿರಾ ತಾಲ್ಲೂಕನ್ನು ಪ್ರತಿನಿಧಿಸಲಿದ್ದಾರೆ. ಭಾವಗೀತೆಯಲ್ಲಿ ಹೇಮಶ್ರೀ ಆರ್., ಚರ್ಚಾ ಸ್ಪರ್ಧೆಯಲ್ಲಿ ಕುಮಾರ್ ಎಲ್., ವಿರಾಟ್ ತೃತೀಯ ಸ್ಥಾನ ಪಡೆದಿದ್ದಾರೆ. ಈ ಎಲ್ಲಾ ವಿಜೇತ ಪ್ರತಿಭಾನ್ವಿತರಿಗೆ ಕಾಲೇಜಿನ ಆಡಳಿತ ಮಂಡಳಿ ಅಭಿನಂದಿಸಿದೆ.
ಸದಸ್ಯರು ಹಾಗೂ ಸಂಸ್ಥೆಯ ಸಿಬ್ಬಂದಿ ವರ್ಗದವರು ವಿದ್ಯಾರ್ಥಿಗಳನ್ನು ಅಭಿನಂದಿಸಿದ್ದಾರೆ. ಸಂಸ್ಥೆಯ ಅಧ್ಯಕ್ಷರು, ಪ್ರಾಂಶುಪಾಲರು, ಆಡಳಿತಾಧಿಕಾರಿಗಳು, ಉಪನ್ಯಾಸಕ ವೃಂದ ಜಿಲ್ಲಾ, ವಿಭಾಗ ಹಾಗೂ ರಾಜ್ಯಮಟ್ಟದ ಸಾಂಸ್ಕೃತಿಕ ಸ್ಪರ್ಧೆಗಳಲ್ಲಿ ವಿಜೇತರಾಗಲೆಂದು ಶುಭಹಾರೈಸಿದ್ದಾರೆ.
